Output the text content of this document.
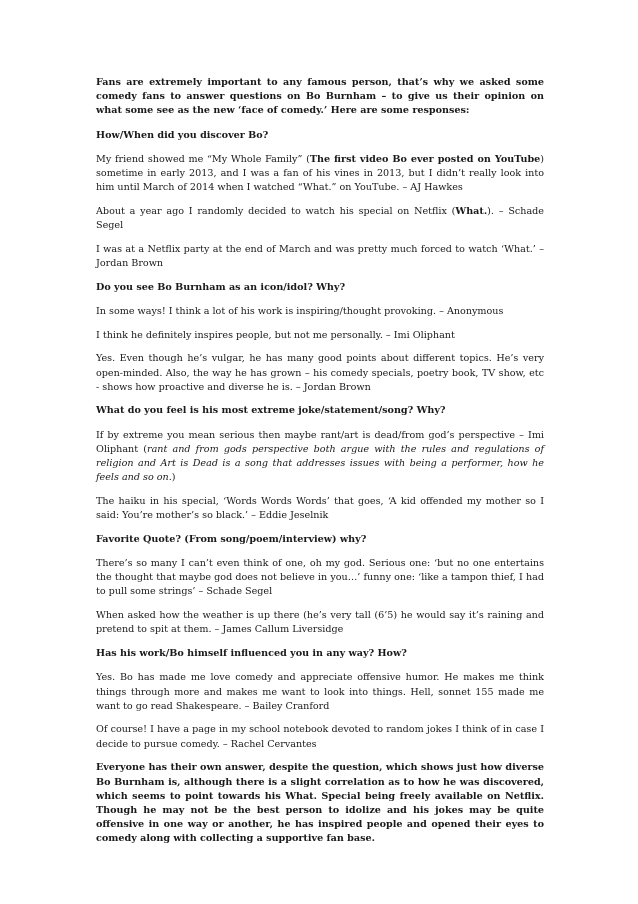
Fans are extremely important to any famous person, that’s why we asked some comedy fans to answer questions on Bo Burnham – to give us their opinion on what some see as the new ‘face of comedy.’ Here are some responses:

How/When did you discover Bo?

My friend showed me “My Whole Family” (The first video Bo ever posted on YouTube) sometime in early 2013, and I was a fan of his vines in 2013, but I didn’t really look into him until March of 2014 when I watched “What.” on YouTube. – AJ Hawkes

About a year ago I randomly decided to watch his special on Netflix (What.). – Schade Segel

I was at a Netflix party at the end of March and was pretty much forced to watch ‘What.’ – Jordan Brown

Do you see Bo Burnham as an icon/idol? Why?

In some ways! I think a lot of his work is inspiring/thought provoking. – Anonymous

I think he definitely inspires people, but not me personally. – Imi Oliphant

Yes. Even though he’s vulgar, he has many good points about different topics. He’s very open-minded. Also, the way he has grown – his comedy specials, poetry book, TV show, etc - shows how proactive and diverse he is. – Jordan Brown

What do you feel is his most extreme joke/statement/song? Why?

If by extreme you mean serious then maybe rant/art is dead/from god’s perspective – Imi Oliphant (rant and from gods perspective both argue with the rules and regulations of religion and Art is Dead is a song that addresses issues with being a performer, how he feels and so on.)

The haiku in his special, ‘Words Words Words’ that goes, ‘A kid offended my mother so I said: You’re mother’s so black.’ – Eddie Jeselnik

Favorite Quote? (From song/poem/interview) why?

There’s so many I can’t even think of one, oh my god. Serious one: ‘but no one entertains the thought that maybe god does not believe in you…’ funny one: ‘like a tampon thief, I had to pull some strings’ – Schade Segel

When asked how the weather is up there (he’s very tall (6’5) he would say it’s raining and pretend to spit at them. – James Callum Liversidge

Has his work/Bo himself influenced you in any way? How?

Yes. Bo has made me love comedy and appreciate offensive humor. He makes me think things through more and makes me want to look into things. Hell, sonnet 155 made me want to go read Shakespeare. – Bailey Cranford

Of course! I have a page in my school notebook devoted to random jokes I think of in case I decide to pursue comedy. – Rachel Cervantes

Everyone has their own answer, despite the question, which shows just how diverse Bo Burnham is, although there is a slight correlation as to how he was discovered, which seems to point towards his What. Special being freely available on Netflix. Though he may not be the best person to idolize and his jokes may be quite offensive in one way or another, he has inspired people and opened their eyes to comedy along with collecting a supportive fan base.
